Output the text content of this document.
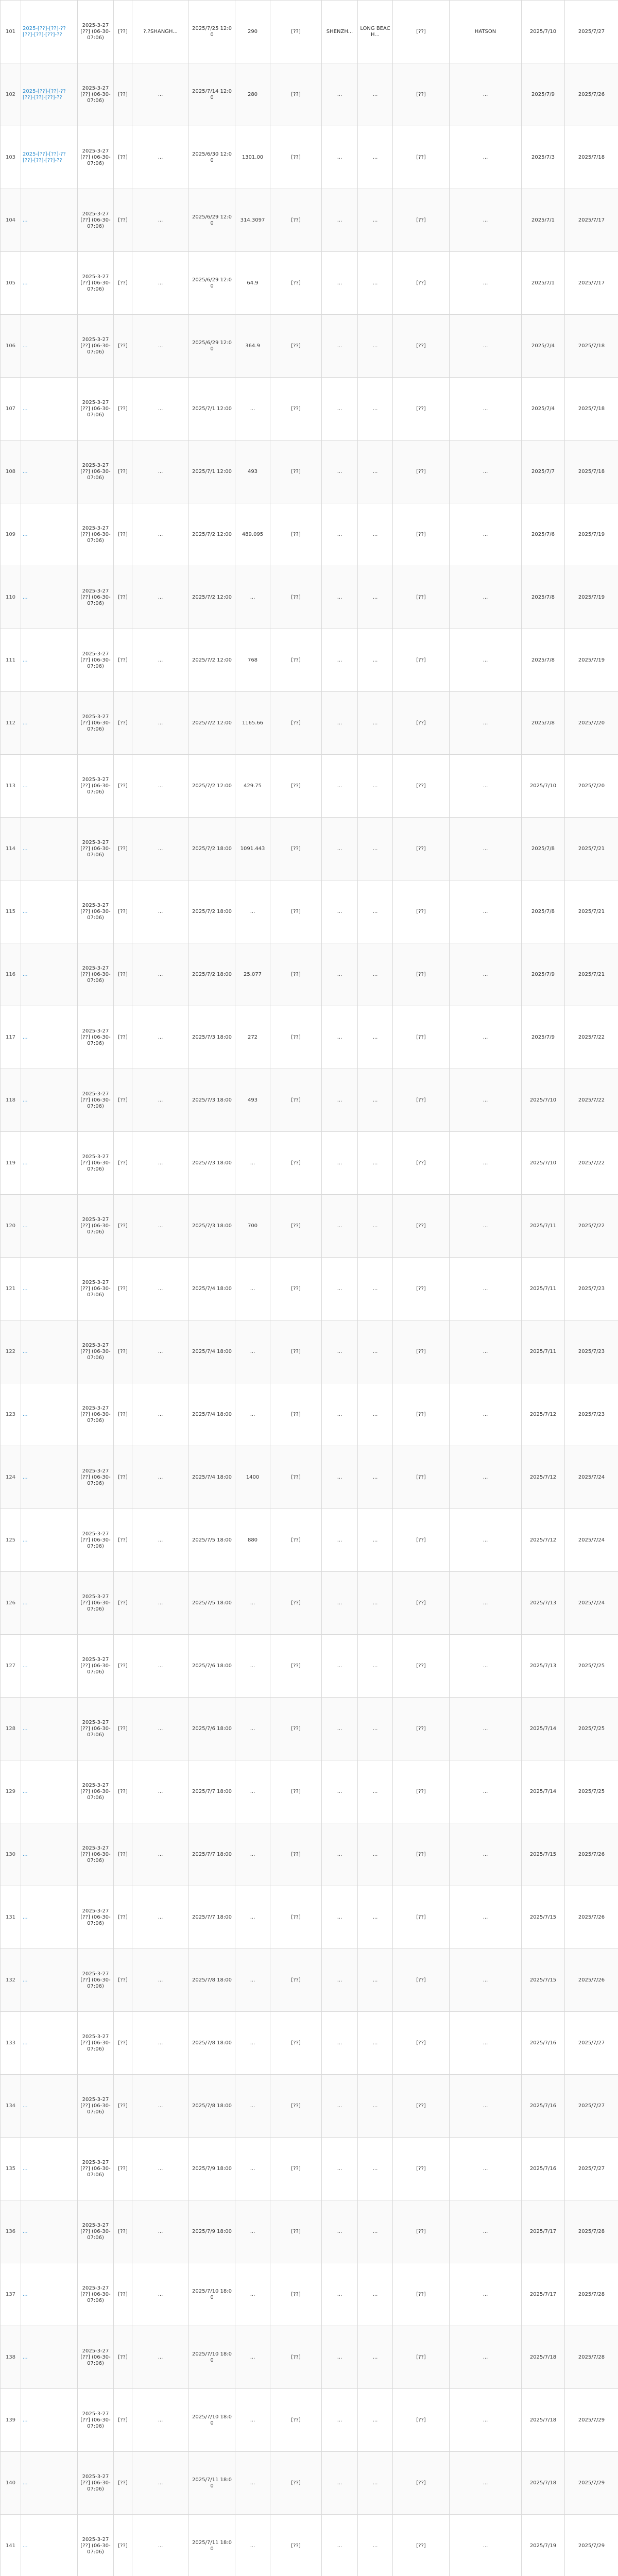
101	2025-[??]-[??]-?? [??]-[??]-[??]-??	2025-3-27 [??] (06-30-07:06)	[??]	?.?SHANGH...	2025/7/25 12:00	290	[??]	SHENZH...	LONG BEACH...	[??]	HATSON	2025/7/10	2025/7/27
102	2025-[??]-[??]-?? [??]-[??]-[??]-??	2025-3-27 [??] (06-30-07:06)	[??]	...	2025/7/14 12:00	280	[??]	...	...	[??]	...	2025/7/9	2025/7/26
103	2025-[??]-[??]-?? [??]-[??]-[??]-??	2025-3-27 [??] (06-30-07:06)	[??]	...	2025/6/30 12:00	1301.00	[??]	...	...	[??]	...	2025/7/3	2025/7/18
104	...	2025-3-27 [??] (06-30-07:06)	[??]	...	2025/6/29 12:00	314.3097	[??]	...	...	[??]	...	2025/7/1	2025/7/17
105	...	2025-3-27 [??] (06-30-07:06)	[??]	...	2025/6/29 12:00	64.9	[??]	...	...	[??]	...	2025/7/1	2025/7/17
106	...	2025-3-27 [??] (06-30-07:06)	[??]	...	2025/6/29 12:00	364.9	[??]	...	...	[??]	...	2025/7/4	2025/7/18
107	...	2025-3-27 [??] (06-30-07:06)	[??]	...	2025/7/1 12:00	...	[??]	...	...	[??]	...	2025/7/4	2025/7/18
108	...	2025-3-27 [??] (06-30-07:06)	[??]	...	2025/7/1 12:00	493	[??]	...	...	[??]	...	2025/7/7	2025/7/18
109	...	2025-3-27 [??] (06-30-07:06)	[??]	...	2025/7/2 12:00	489.095	[??]	...	...	[??]	...	2025/7/6	2025/7/19
110	...	2025-3-27 [??] (06-30-07:06)	[??]	...	2025/7/2 12:00	...	[??]	...	...	[??]	...	2025/7/8	2025/7/19
111	...	2025-3-27 [??] (06-30-07:06)	[??]	...	2025/7/2 12:00	768	[??]	...	...	[??]	...	2025/7/8	2025/7/19
112	...	2025-3-27 [??] (06-30-07:06)	[??]	...	2025/7/2 12:00	1165.66	[??]	...	...	[??]	...	2025/7/8	2025/7/20
113	...	2025-3-27 [??] (06-30-07:06)	[??]	...	2025/7/2 12:00	429.75	[??]	...	...	[??]	...	2025/7/10	2025/7/20
114	...	2025-3-27 [??] (06-30-07:06)	[??]	...	2025/7/2 18:00	1091.443	[??]	...	...	[??]	...	2025/7/8	2025/7/21
115	...	2025-3-27 [??] (06-30-07:06)	[??]	...	2025/7/2 18:00	...	[??]	...	...	[??]	...	2025/7/8	2025/7/21
116	...	2025-3-27 [??] (06-30-07:06)	[??]	...	2025/7/2 18:00	25.077	[??]	...	...	[??]	...	2025/7/9	2025/7/21
117	...	2025-3-27 [??] (06-30-07:06)	[??]	...	2025/7/3 18:00	272	[??]	...	...	[??]	...	2025/7/9	2025/7/22
118	...	2025-3-27 [??] (06-30-07:06)	[??]	...	2025/7/3 18:00	493	[??]	...	...	[??]	...	2025/7/10	2025/7/22
119	...	2025-3-27 [??] (06-30-07:06)	[??]	...	2025/7/3 18:00	...	[??]	...	...	[??]	...	2025/7/10	2025/7/22
120	...	2025-3-27 [??] (06-30-07:06)	[??]	...	2025/7/3 18:00	700	[??]	...	...	[??]	...	2025/7/11	2025/7/22
121	...	2025-3-27 [??] (06-30-07:06)	[??]	...	2025/7/4 18:00	...	[??]	...	...	[??]	...	2025/7/11	2025/7/23
122	...	2025-3-27 [??] (06-30-07:06)	[??]	...	2025/7/4 18:00	...	[??]	...	...	[??]	...	2025/7/11	2025/7/23
123	...	2025-3-27 [??] (06-30-07:06)	[??]	...	2025/7/4 18:00	...	[??]	...	...	[??]	...	2025/7/12	2025/7/23
124	...	2025-3-27 [??] (06-30-07:06)	[??]	...	2025/7/4 18:00	1400	[??]	...	...	[??]	...	2025/7/12	2025/7/24
125	...	2025-3-27 [??] (06-30-07:06)	[??]	...	2025/7/5 18:00	880	[??]	...	...	[??]	...	2025/7/12	2025/7/24
126	...	2025-3-27 [??] (06-30-07:06)	[??]	...	2025/7/5 18:00	...	[??]	...	...	[??]	...	2025/7/13	2025/7/24
127	...	2025-3-27 [??] (06-30-07:06)	[??]	...	2025/7/6 18:00	...	[??]	...	...	[??]	...	2025/7/13	2025/7/25
128	...	2025-3-27 [??] (06-30-07:06)	[??]	...	2025/7/6 18:00	...	[??]	...	...	[??]	...	2025/7/14	2025/7/25
129	...	2025-3-27 [??] (06-30-07:06)	[??]	...	2025/7/7 18:00	...	[??]	...	...	[??]	...	2025/7/14	2025/7/25
130	...	2025-3-27 [??] (06-30-07:06)	[??]	...	2025/7/7 18:00	...	[??]	...	...	[??]	...	2025/7/15	2025/7/26
131	...	2025-3-27 [??] (06-30-07:06)	[??]	...	2025/7/7 18:00	...	[??]	...	...	[??]	...	2025/7/15	2025/7/26
132	...	2025-3-27 [??] (06-30-07:06)	[??]	...	2025/7/8 18:00	...	[??]	...	...	[??]	...	2025/7/15	2025/7/26
133	...	2025-3-27 [??] (06-30-07:06)	[??]	...	2025/7/8 18:00	...	[??]	...	...	[??]	...	2025/7/16	2025/7/27
134	...	2025-3-27 [??] (06-30-07:06)	[??]	...	2025/7/8 18:00	...	[??]	...	...	[??]	...	2025/7/16	2025/7/27
135	...	2025-3-27 [??] (06-30-07:06)	[??]	...	2025/7/9 18:00	...	[??]	...	...	[??]	...	2025/7/16	2025/7/27
136	...	2025-3-27 [??] (06-30-07:06)	[??]	...	2025/7/9 18:00	...	[??]	...	...	[??]	...	2025/7/17	2025/7/28
137	...	2025-3-27 [??] (06-30-07:06)	[??]	...	2025/7/10 18:00	...	[??]	...	...	[??]	...	2025/7/17	2025/7/28
138	...	2025-3-27 [??] (06-30-07:06)	[??]	...	2025/7/10 18:00	...	[??]	...	...	[??]	...	2025/7/18	2025/7/28
139	...	2025-3-27 [??] (06-30-07:06)	[??]	...	2025/7/10 18:00	...	[??]	...	...	[??]	...	2025/7/18	2025/7/29
140	...	2025-3-27 [??] (06-30-07:06)	[??]	...	2025/7/11 18:00	...	[??]	...	...	[??]	...	2025/7/18	2025/7/29
141	...	2025-3-27 [??] (06-30-07:06)	[??]	...	2025/7/11 18:00	...	[??]	...	...	[??]	...	2025/7/19	2025/7/29
